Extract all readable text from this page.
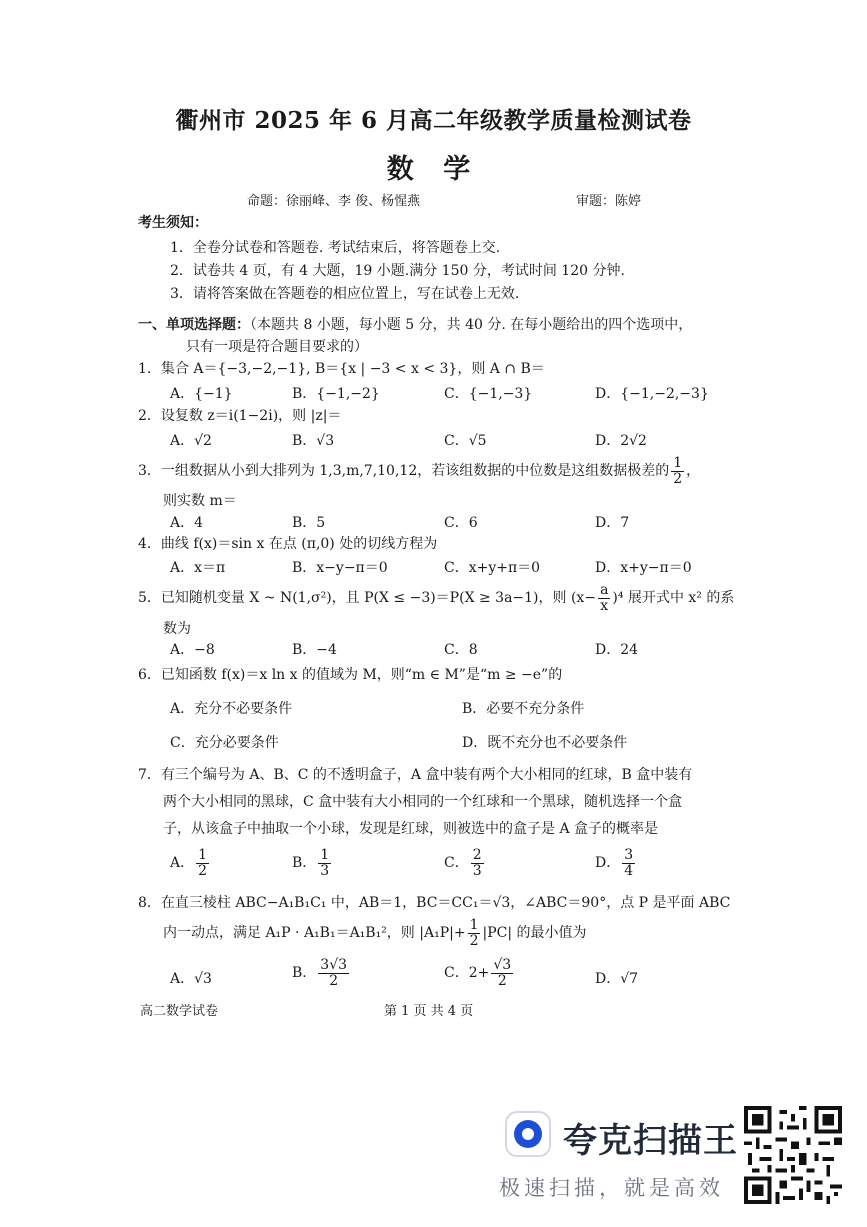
衢州市 2025 年 6 月高二年级教学质量检测试卷
数 学
命题：徐丽峰、李 俊、杨惺燕	审题：陈婷
考生须知：
1．全卷分试卷和答题卷. 考试结束后，将答题卷上交.
2．试卷共 4 页，有 4 大题，19 小题.满分 150 分，考试时间 120 分钟.
3．请将答案做在答题卷的相应位置上，写在试卷上无效.
一、单项选择题：（本题共 8 小题，每小题 5 分，共 40 分. 在每小题给出的四个选项中，
只有一项是符合题目要求的）
1．集合 A＝{−3,−2,−1}, B＝{x | −3 < x < 3}，则 A ∩ B＝
A．{−1}	B．{−1,−2}	C．{−1,−3}	D．{−1,−2,−3}
2．设复数 z＝i(1−2i)，则 |z|＝
A．√2	B．√3	C．√5	D．2√2
3．一组数据从小到大排列为 1,3,m,7,10,12，若该组数据的中位数是这组数据极差的 $\frac{1}{2}$ ，
则实数 m＝
A．4	B．5	C．6	D．7
4．曲线 f(x)＝sin x 在点 (π,0) 处的切线方程为
A．x＝π	B．x−y−π＝0	C．x+y+π＝0	D．x+y−π＝0
5．已知随机变量 X ~ N(1,σ²)，且 P(X ≤ −3)＝P(X ≥ 3a−1)，则 $(x- \frac{a}{x} )^4$ 展开式中 x² 的系
数为
A．−8	B．−4	C．8	D．24
6．已知函数 f(x)＝x ln x 的值域为 M，则“m ∈ M”是“m ≥ −e”的
A．充分不必要条件	B．必要不充分条件
C．充分必要条件	D．既不充分也不必要条件
7．有三个编号为 A、B、C 的不透明盒子，A 盒中装有两个大小相同的红球，B 盒中装有
两个大小相同的黑球，C 盒中装有大小相同的一个红球和一个黑球，随机选择一个盒
子，从该盒子中抽取一个小球，发现是红球，则被选中的盒子是 A 盒子的概率是
A． $\frac{1}{2}$	B． $\frac{1}{3}$	C． $\frac{2}{3}$	D． $\frac{3}{4}$
8．在直三棱柱 ABC−A₁B₁C₁ 中，AB＝1，BC＝CC₁＝√3，∠ABC＝90°，点 P 是平面 ABC
内一动点，满足 A₁P · A₁B₁＝A₁B₁²，则 $|A_1P|+ \frac{1}{2} |PC|$ 的最小值为
A．√3	B． $\frac{3√3}{2}$	C．$2+ \frac{√3}{2}$	D．√7
高二数学试卷	第 1 页 共 4 页
夸克扫描王
极速扫描，就是高效
